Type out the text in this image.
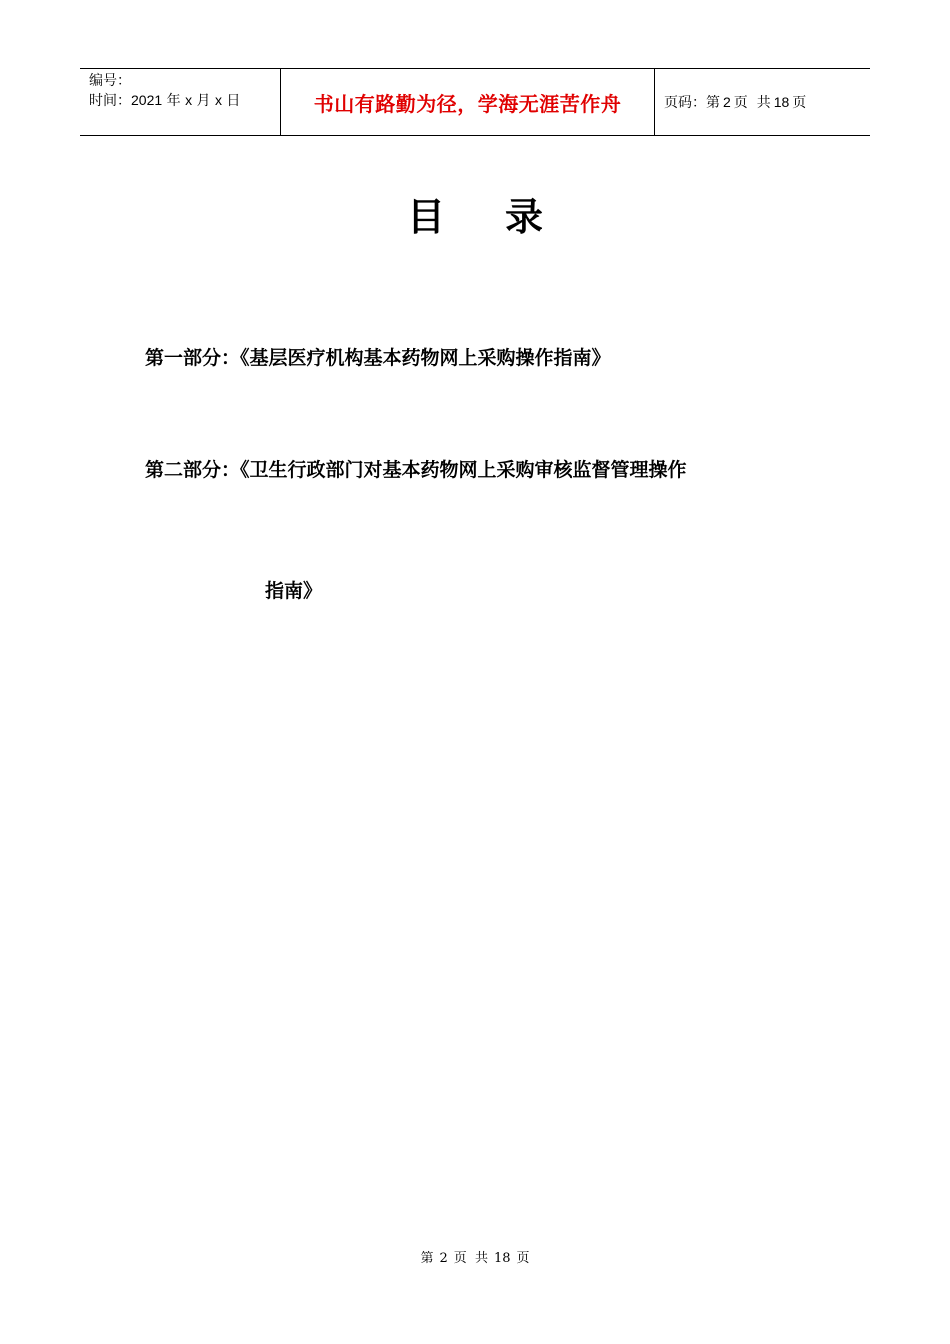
编号：
时间：2021 年 x 月 x 日	书山有路勤为径，学海无涯苦作舟	页码：第 2 页  共 18 页
目录
第一部分：《基层医疗机构基本药物网上采购操作指南》
第二部分：《卫生行政部门对基本药物网上采购审核监督管理操作
指南》
第 2 页  共 18 页
